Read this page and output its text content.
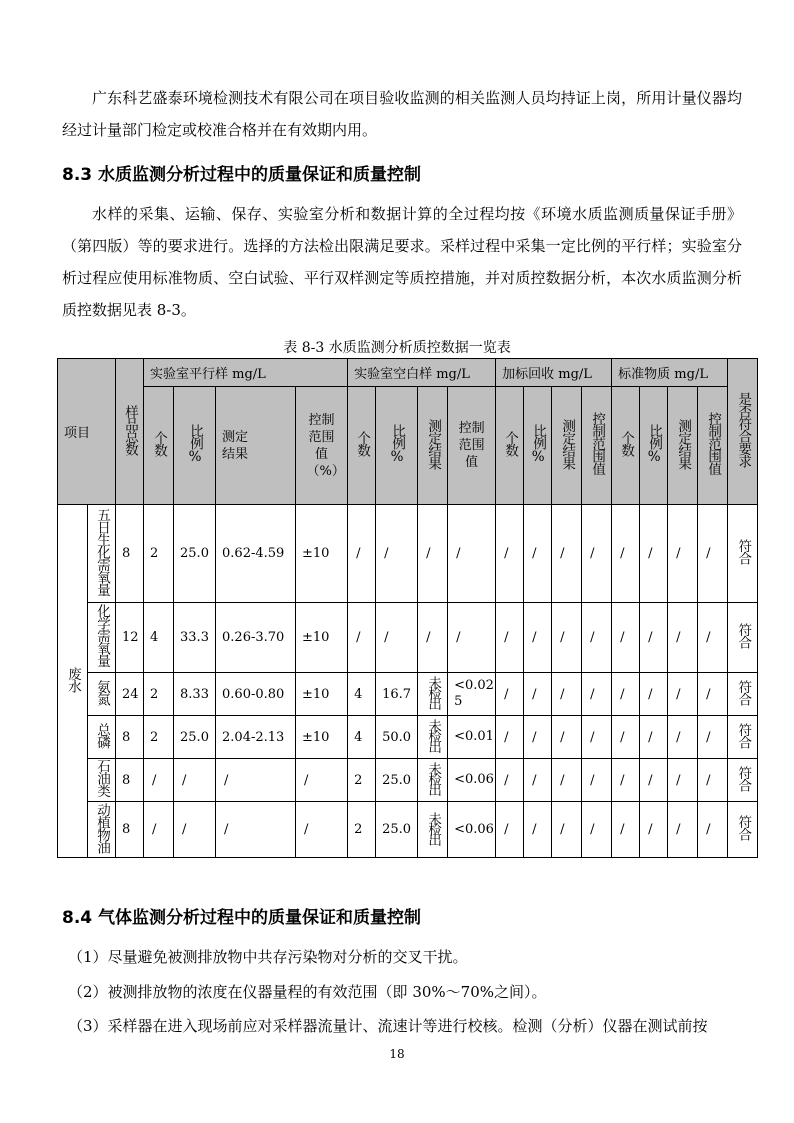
广东科艺盛泰环境检测技术有限公司在项目验收监测的相关监测人员均持证上岗，所用计量仪器均经过计量部门检定或校准合格并在有效期内用。

8.3 水质监测分析过程中的质量保证和质量控制

水样的采集、运输、保存、实验室分析和数据计算的全过程均按《环境水质监测质量保证手册》（第四版）等的要求进行。选择的方法检出限满足要求。采样过程中采集一定比例的平行样；实验室分析过程应使用标准物质、空白试验、平行双样测定等质控措施，并对质控数据分析，本次水质监测分析质控数据见表 8-3。

表 8-3 水质监测分析质控数据一览表

项目		样品总数	实验室平行样 mg/L				实验室空白样 mg/L				加标回收 mg/L				标准物质 mg/L				是否符合要求
			个数	比例%	测定结果	控制范围值（%）	个数	比例%	测定结果	控制范围值	个数	比例%	测定结果	控制范围值	个数	比例%	测定结果	控制范围值	
废水	五日生化需氧量	8	2	25.0	0.62-4.59	±10	/	/	/	/	/	/	/	/	/	/	/	/	符合
	化学需氧量	12	4	33.3	0.26-3.70	±10	/	/	/	/	/	/	/	/	/	/	/	/	符合
	氨氮	24	2	8.33	0.60-0.80	±10	4	16.7	未检出	<0.025	/	/	/	/	/	/	/	/	符合
	总磷	8	2	25.0	2.04-2.13	±10	4	50.0	未检出	<0.01	/	/	/	/	/	/	/	/	符合
	石油类	8	/	/	/	/	2	25.0	未检出	<0.06	/	/	/	/	/	/	/	/	符合
	动植物油	8	/	/	/	/	2	25.0	未检出	<0.06	/	/	/	/	/	/	/	/	符合
8.4 气体监测分析过程中的质量保证和质量控制

（1）尽量避免被测排放物中共存污染物对分析的交叉干扰。

（2）被测排放物的浓度在仪器量程的有效范围（即 30%～70%之间）。

（3）采样器在进入现场前应对采样器流量计、流速计等进行校核。检测（分析）仪器在测试前按

18
